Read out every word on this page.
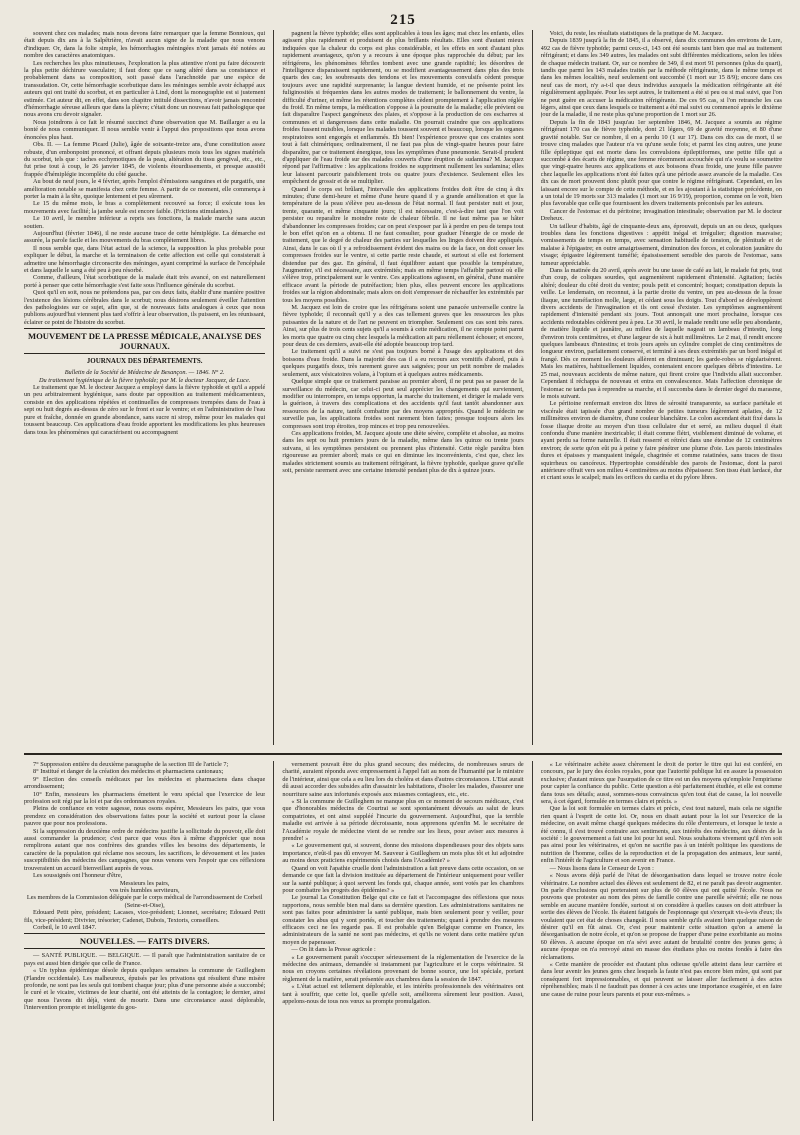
215

souvent chez ces malades; mais nous devons faire remarquer que la femme Bonnioux, qui était depuis dix ans à la Salpêtrière, n'avait aucun signe de la maladie que nous venons d'indiquer. Or, dans la folie simple, les hémorrhagies méningées n'ont jamais été notées au nombre des caractères anatomiques.

Les recherches les plus minutieuses, l'exploration la plus attentive n'ont pu faire découvrir la plus petite déchirure vasculaire; il faut donc que ce sang altéré dans sa consistance et probablement dans sa composition, soit passé dans l'arachnoïde par une espèce de transsudation. Or, cette hémorrhagie scorbutique dans les méninges semble avoir échappé aux auteurs qui ont traité du scorbut, et en particulier à Lind, dont la monographie est si justement estimée. Cet auteur dit, en effet, dans son chapitre intitulé dissections, n'avoir jamais rencontré d'hémorrhagie séreuse ailleurs que dans la plèvre; c'était donc un nouveau fait pathologique que nous avons cru devoir signaler.

Nous joindrons à ce fait le résumé succinct d'une observation que M. Baillarger a eu la bonté de nous communiquer. Il nous semble venir à l'appui des propositions que nous avons énoncées plus haut.

Obs. II. — La femme Picard (Julie), âgée de soixante-treize ans, d'une constitution assez robuste, d'un embonpoint prononcé, et offrant depuis plusieurs mois tous les signes matériels du scorbut, tels que : taches ecchymotiques de la peau, altération du tissu gengival, etc., etc., fut prise tout à coup, le 26 janvier 1845, de violents étourdissements, et presque aussitôt frappée d'hémiplégie incomplète du côté gauche.

Au bout de neuf jours, le 4 février, après l'emploi d'émissions sanguines et de purgatifs, une amélioration notable se manifesta chez cette femme. A partir de ce moment, elle commença à porter la main à la tête, quoique lentement et peu sûrement.

Le 15 du même mois, le bras a complètement recouvré sa force; il exécute tous les mouvements avec facilité; la jambe seule est encore faible. (Frictions stimulantes.)

Le 10 avril, le membre inférieur a repris ses fonctions, la malade marche sans aucun soutien.

Aujourd'hui (février 1846), il ne reste aucune trace de cette hémiplégie. La démarche est assurée, la parole facile et les mouvements du bras complètement libres.

Il nous semble que, dans l'état actuel de la science, la supposition la plus probable pour expliquer le début, la marche et la terminaison de cette affection est celle qui consisterait à admettre une hémorrhagie circonscrite des méninges, ayant comprimé la surface de l'encéphale et dans laquelle le sang a été peu à peu résorbé.

Comme, d'ailleurs, l'état scorbutique de la malade était très avancé, on est naturellement porté à penser que cette hémorrhagie s'est faite sous l'influence générale du scorbut.

Quoi qu'il en soit, nous ne prétendons pas, par ces deux faits, établir d'une manière positive l'existence des lésions cérébrales dans le scorbut; nous désirons seulement éveiller l'attention des pathologistes sur ce sujet, afin que, si de nouveaux faits analogues à ceux que nous publions aujourd'hui viennent plus tard s'offrir à leur observation, ils puissent, en les réunissant, éclairer ce point de l'histoire du scorbut.

MOUVEMENT DE LA PRESSE MÉDICALE, ANALYSE DES JOURNAUX.
JOURNAUX DES DÉPARTEMENTS.

Bulletin de la Société de Médecine de Besançon. — 1846. N° 2.

Du traitement hygiénique de la fièvre typhoïde; par M. le docteur Jacquez, de Luce.

Le traitement que M. le docteur Jacquez a employé dans la fièvre typhoïde et qu'il a appelé un peu arbitrairement hygiénique, sans doute par opposition au traitement médicamenteux, consiste en des applications répétées et continuelles de compresses trempées dans de l'eau à sept ou huit degrés au-dessus de zéro sur le front et sur le ventre; et en l'administration de l'eau pure et fraîche, donnée en grande abondance, sans sucre ni sirop, même pour les malades qui toussent beaucoup. Ces applications d'eau froide apportent les modifications les plus heureuses dans tous les phénomènes qui caractérisent ou accompagnent

pagnent la fièvre typhoïde; elles sont applicables à tous les âges; mai chez les enfants, elles agissent plus rapidement et produisent de plus brillants résultats. Elles sont d'autant mieux indiquées que la chaleur du corps est plus considérable, et les effets en sont d'autant plus rapidement avantageux, qu'on y a recours à une époque plus rapprochée du début; par les réfrigérens, les phénomènes fébriles tombent avec une grande rapidité; les désordres de l'intelligence disparaissent rapidement, ou se modifient avantageusement dans plus des trois quarts des cas; les soubresauts des tendons et les mouvements convulsifs cèdent presque toujours avec une rapidité surprenante; la langue devient humide, et ne présente point les fuliginosités si fréquentes dans les autres modes de traitement; le ballonnement du ventre, la difficulté d'uriner, et même les rétentions complètes cèdent promptement à l'application réglée du froid. En même temps, la médication s'oppose à la poursuite de la maladie; elle prévient ou fait disparaître l'aspect gangréneux des plaies, et s'oppose à la production de ces escharres si communes et si dangereuses dans cette maladie. On pourrait craindre que ces applications froides fussent nuisibles, lorsque les malades toussent souvent et beaucoup, lorsque les organes respiratoires sont engorgés et enflammés. Eh bien! l'expérience prouve que ces craintes sont tout à fait chimériques; ordinairement, il ne faut pas plus de vingt-quatre heures pour faire disparaître, par ce traitement énergique, tous les symptômes d'une pneumonie. Serait-il prudent d'appliquer de l'eau froide sur des malades couverts d'une éruption de sudamina? M. Jacquez répond par l'affirmative : les applications froides ne suppriment nullement les sudamina; elles leur laissent parcourir paisiblement trois ou quatre jours d'existence. Seulement elles les empêchent de grossir et de se multiplier.

Quand le corps est brûlant, l'intervalle des applications froides doit être de cinq à dix minutes; d'une demi-heure et même d'une heure quand il y a grande amélioration et que la température de la peau s'élève peu au-dessus de l'état normal. Il faut persister nuit et jour, trente, quarante, et même cinquante jours; il est nécessaire, c'est-à-dire tant que l'on voit persister ou reparaître le moindre reste de chaleur fébrile. Il ne faut même pas se hâter d'abandonner les compresses froides; car on peut s'exposer par là à perdre en peu de temps tout le bon effet qu'on en a obtenu. Il ne faut consulter, pour graduer l'énergie de ce mode de traitement, que le degré de chaleur des parties sur lesquelles les linges doivent être appliqués. Ainsi, dans le cas où il y a refroidissement évident des mains ou de la face, on doit cesser les compresses froides sur le ventre, si cette partie reste chaude, et surtout si elle est fortement distendue par des gaz. En général, il faut équilibrer autant que possible la température, l'augmenter, s'il est nécessaire, aux extrémités; mais en même temps l'affaiblir partout où elle s'élève trop, principalement sur le ventre. Ces applications agissent, en général, d'une manière efficace avant la période de putréfaction; bien plus, elles peuvent encore les applications froides sur la région abdominale; mais alors on doit s'empresser de réchauffer les extrémités par tous les moyens possibles.

M. Jacquez est loin de croire que les réfrigérans soient une panacée universelle contre la fièvre typhoïde; il reconnaît qu'il y a des cas tellement graves que les ressources les plus puissantes de la nature et de l'art ne peuvent en triompher. Seulement ces cas sont très rares. Ainsi, sur plus de trois cents sujets qu'il a soumis à cette médication, il ne compte point parmi les morts que quatre ou cinq chez lesquels la médication ait paru réellement échouer; et encore, pour deux de ces derniers, avait-elle été adoptée beaucoup trop tard.

Le traitement qu'il a suivi ne s'est pas toujours borné à l'usage des applications et des boissons d'eau froide. Dans la majorité des cas il a eu recours aux vomitifs d'abord, puis à quelques purgatifs doux, très rarement grave aux saignées; pour un petit nombre de malades seulement, aux vésicatoires volans, à l'opium et à quelques autres médicaments.

Quelque simple que ce traitement paraisse au premier abord, il ne peut pas se passer de la surveillance du médecin, car celui-ci peut seul apprécier les changements qui surviennent, modifier ou interrompre, en temps opportun, la marche du traitement, et diriger le malade vers la guérison, à travers des complications et des accidents qu'il faut tantôt abandonner aux ressources de la nature, tantôt combattre par des moyens appropriés. Quand le médecin ne surveille pas, les applications froides sont rarement bien faites; presque toujours alors les compresses sont trop étroites, trop minces et trop peu renouvelées.

Ces applications froides, M. Jacquez ajoute une diète sévère, complète et absolue, au moins dans les sept ou huit premiers jours de la maladie, même dans les quinze ou trente jours suivans, si les symptômes persistent ou prennent plus d'intensité. Cette règle paraîtra bien rigoureuse au premier abord; mais ce qui en diminue les inconvénients, c'est que, chez les malades strictement soumis au traitement réfrigérant, la fièvre typhoïde, quelque grave qu'elle soit, persiste rarement avec une certaine intensité pendant plus de dix à quinze jours.

Voici, du reste, les résultats statistiques de la pratique de M. Jacquez.

Depuis 1839 jusqu'à la fin de 1845, il a observé, dans dix communes des environs de Lure, 492 cas de fièvre typhoïde; parmi ceux-ci, 143 ont été soumis tant bien que mal au traitement réfrigérant; et dans les 349 autres, les malades ont subi différentes médications, selon les idées de chaque médecin traitant. Or, sur ce nombre de 349, il est mort 91 personnes (plus du quart), tandis que parmi les 143 malades traités par la méthode réfrigérante, dans le même temps et dans les mêmes localités, neuf seulement ont succombé (1 mort sur 15 8/9); encore dans ces neuf cas de mort, n'y a-t-il que deux individus auxquels la médication réfrigérante ait été régulièrement appliquée. Pour les sept autres, le traitement a été si peu ou si mal suivi, que l'on ne peut guère en accuser la médication réfrigérante. De ces 95 cas, si l'on retranche les cas légers, ainsi que ceux dans lesquels ce traitement a été mal suivi ou commencé après le dixième jour de la maladie, il ne reste plus qu'une proportion de 1 mort sur 26.

Depuis la fin de 1843 jusqu'au 1er septembre 1846, M. Jacquez a soumis au régime réfrigérant 170 cas de fièvre typhoïde, dont 21 légers, 69 de gravité moyenne, et 80 d'une gravité notable. Sur ce nombre, il en a perdu 10 (1 sur 17). Dans ces dix cas de mort, il se trouve cinq malades que l'auteur n'a vu qu'une seule fois; et parmi les cinq autres, une jeune fille épileptique qui est morte dans les convulsions épileptiformes, une petite fille qui a succombé à des écarts de régime, une femme récemment accouchée qui n'a voulu se soumettre que vingt-quatre heures aux applications et aux boissons d'eau froide, une jeune fille pauvre chez laquelle les applications n'ont été faites qu'à une période assez avancée de la maladie. Ces dix cas de mort prouvent donc plutôt pour que contre le régime réfrigérant. Cependant, en les laissant encore sur le compte de cette méthode, et en les ajoutant à la statistique précédente, on a un total de 19 morts sur 313 malades (1 mort sur 16 9/19), proportion, comme on le voit, bien plus favorable que celle que fournissent les divers traitements préconisés par les auteurs.

Cancer de l'estomac et du péritoine; invagination intestinale; observation par M. le docteur Dreheux.

Un tailleur d'habits, âgé de cinquante-deux ans, éprouvait, depuis un an ou deux, quelques troubles dans les fonctions digestives : appétit inégal et irrégulier; digestion mauvaise; vomissements de temps en temps, avec sensation habituelle de tension, de plénitude et de malaise à l'épigastre; en outre amaigrissement, diminution des forces, et coloration jaunâtre du visage; épigastre légèrement tuméfié; épaississement sensible des parois de l'estomac, sans tumeur appréciable.

Dans la matinée du 20 avril, après avoir bu une tasse de café au lait, le malade fut pris, tout d'un coup, de coliques sourdes, qui augmentèrent rapidement d'intensité. Agitation; faciès altéré; douleur du côté droit du ventre; pouls petit et concentré; hoquet; constipation depuis la veille. Le lendemain, on reconnut, à la partie droite du ventre, un peu au-dessus de la fosse iliaque, une tuméfaction molle, large, et cédant sous les doigts. Tout d'abord se développèrent divers accidents de l'invagination et ils ont cessé d'exister. Les symptômes augmentèrent rapidement d'intensité pendant six jours. Tout annonçait une mort prochaine, lorsque ces accidents redoutables cédèrent peu à peu. Le 30 avril, le malade rendit une selle peu abondante, de matière liquide et jaunâtre, au milieu de laquelle nageait un lambeau d'intestin, long d'environ trois centimètres, et d'une largeur de six à huit millimètres. Le 2 mai, il rendit encore quelques lambeaux d'intestins; et trois jours après un cylindre complet de cinq centimètres de longueur environ, parfaitement conservé, et terminé à ses deux extrémités par un bord inégal et frangé. Dès ce moment les douleurs allèrent en diminuant; les garde-robes se régularisèrent. Mais les matières, habituellement liquides, contenaient encore quelques débris d'intestins. Le 25 mai, nouveaux accidents de même nature, qui firent croire que l'individu allait succomber. Cependant il réchappa de nouveau et entra en convalescence. Mais l'affection chronique de l'estomac ne tarda pas à reprendre sa marche, et il succomba dans le dernier degré du marasme, le mois suivant.

Le péritoine renfermait environ dix litres de sérosité transparente, sa surface pariétale et viscérale était tapissée d'un grand nombre de petites tumeurs légèrement aplaties, de 12 millimètres environ de diamètre, d'une couleur blanchâtre. Le colon ascendant était fixé dans la fosse iliaque droite au moyen d'un tissu cellulaire dur et serré, au milieu duquel il était confondu d'une manière inextricable; il était comme flétri, visiblement diminué de volume, et ayant perdu sa forme naturelle. Il était resserré et rétréci dans une étendue de 12 centimètres environ; de sorte qu'on eût pu à peine y faire pénétrer une plume d'oie. Les parois intestinales dures et épaisses y manquaient inégale, chagrinée et comme ratatinées, sans traces de tissu squirrheux ou cancéreux. Hypertrophie considérable des parois de l'estomac, dont la paroi antérieure offrait vers son milieu 4 centimètres au moins d'épaisseur. Son tissu était lardacé, dur et criant sous le scalpel; mais les orifices du cardia et du pylore libres.

7° Suppression entière du deuxième paragraphe de la section III de l'article 7;

8° Institué et danger de la création des médecins et pharmaciens cantonaux;

9° Election des conseils médicaux par les médecins et pharmaciens dans chaque arrondissement;

10° Enfin, messieurs les pharmaciens émettent le vœu spécial que l'exercice de leur profession soit régi par la loi et par des ordonnances royales.

Pleins de confiance en votre sagesse, nous osons espérer, Messieurs les pairs, que vous prendrez en considération des observations faites pour la société et surtout pour la classe pauvre que pour nos professions.

Si la suppression du deuxième ordre de médecins justifie la sollicitude du pouvoir, elle doit aussi commander la prudence; c'est parce que vous êtes à même d'apprécier que nous remplirons autant que nos confrères des grandes villes les besoins des départements, le caractère de la population qui réclame nos secours, les sacrifices, le dévouement et les justes susceptibilités des médecins des campagnes, que nous venons vers l'espoir que ces réflexions trouveraient un accueil bienveillant auprès de vous.

Les soussignés ont l'honneur d'être,

Messieurs les pairs,

vos très humbles serviteurs,

Les membres de la Commission déléguée par le corps médical de l'arrondissement de Corbeil (Seine-et-Oise),

Edouard Petit père, président; Lacases, vice-président; Lionnet, secrétaire; Edouard Petit fils, vice-président; Divivier, trésorier; Cadenet, Dubois, Textoris, conseillers.

Corbeil, le 10 avril 1847.

NOUVELLES. — FAITS DIVERS.

— SANTÉ PUBLIQUE. — BELGIQUE. — Il paraît que l'administration sanitaire de ce pays est aussi bien dirigée que celle de France.

« Un typhus épidémique désole depuis quelques semaines la commune de Guilleghem (Flandre occidentale). Les malheureux, épuisés par les privations qui résultent d'une misère profonde, ne sont pas les seuls qui tombent chaque jour; plus d'une personne aisée a succombé; le curé et le vicaire, victimes de leur charité, ont été atteints de la contagion; le dernier, ainsi que nous l'avons dit déjà, vient de mourir. Dans une circonstance aussi déplorable, l'intervention prompte et intelligente du gou-

vernement pouvait être du plus grand secours; des médecins, de nombreuses sœurs de charité, auraient répondu avec empressement à l'appel fait au nom de l'humanité par le ministre de l'intérieur, ainsi que cela a eu lieu lors du choléra et dans d'autres circonstances. L'Etat aurait dû aussi accorder des subsides afin d'assainir les habitations, d'isoler les malades, d'assurer une nourriture saine aux infortunés exposés aux miasmes contagieux, etc., etc.

« Si la commune de Guilleghem ne manque plus en ce moment de secours médicaux, c'est que d'honorables médecins de Courtrai se sont spontanément dévoués au salut de leurs compatriotes, et ont ainsi suppléé l'incurie du gouvernement. Aujourd'hui, que la terrible maladie est arrivée à sa période décroissante, nous apprenons qu'enfin M. le secrétaire de l'Académie royale de médecine vient de se rendre sur les lieux, pour aviser aux mesures à prendre! »

« Le gouvernement qui, si souvent, donne des missions dispendieuses pour des objets sans importance, n'eût-il pas dû envoyer M. Sauveur à Guilleghem un mois plus tôt et lui adjoindre au moins deux praticiens expérimentés choisis dans l'Académie? »

Quand on voit l'apathie cruelle dont l'administration a fait preuve dans cette occasion, on se demande ce que fait la division instituée au département de l'intérieur uniquement pour veiller sur la santé publique; à quoi servent les fonds qui, chaque année, sont votés par les chambres pour combattre les progrès des épidémies? »

Le journal La Constitution Belge qui cite ce fait et l'accompagne des réflexions que nous rapportons, nous semble bien mal dans sa dernière question. Les administrations sanitaires ne sont pas faites pour administrer la santé publique, mais bien seulement pour y veiller, pour constater les abus qui y sont portés, et toucher des traitements; quant à prendre des mesures efficaces ceci ne les regarde pas. Il est probable qu'en Belgique comme en France, les administrateurs de la santé ne sont pas médecins, et qu'ils ne voient dans cette matière qu'un moyen de paperasser.

— On lit dans la Presse agricole :

« Le gouvernement paraît s'occuper sérieusement de la réglementation de l'exercice de la médecine des animaux, demandée si instamment par l'agriculture et le corps vétérinaire. Si nous en croyons certaines révélations provenant de bonne source, une loi spéciale, portant règlement de la matière, serait présentée aux chambres dans la session de 1847.

« L'état actuel est tellement déplorable, et les intérêts professionnels des vétérinaires ont tant à souffrir, que cette loi, quelle qu'elle soit, améliorera sûrement leur position. Aussi, appelons-nous de tous nos vœux sa prompte promulgation.

« Le vétérinaire achète assez chèrement le droit de porter le titre qui lui est conféré, en concours, par le jury des écoles royales, pour que l'autorité publique lui en assure la possession exclusive; d'autant mieux que l'usurpation de ce titre est un des moyens qu'emploie l'empirisme pour capter la confiance du public. Cette question a été parfaitement étudiée, et elle est comme dans tous ses détails; aussi, sommes-nous convaincus qu'en tout état de cause, la loi nouvelle sera, à cet égard, formulée en termes clairs et précis. »

Que la loi soit formulée en termes clairs et précis, c'est tout naturel, mais cela ne signifie rien quant à l'esprit de cette loi. Or, nous en disait autant pour la loi sur l'exercice de la médecine, on avait même chargé quelques médecins du rôle d'enterreurs, et lorsque le texte a été connu, il s'est trouvé contraire aux sentiments, aux intérêts des médecins, aux désirs de la société : le gouvernement a fait une loi pour lui seul. Nous souhaitons vivement qu'il n'en soit pas ainsi pour les vétérinaires, et qu'on ne sacrifie pas à un intérêt politique les questions de nutrition de l'homme, celles de la reproduction et de la propagation des animaux, leur santé, enfin l'intérêt de l'agriculture et son avenir en France.

— Nous lisons dans le Censeur de Lyon :

« Nous avons déjà parlé de l'état de désorganisation dans lequel se trouve notre école vétérinaire. Le nombre actuel des élèves est seulement de 82, et ne paraît pas devoir augmenter. On parle d'exclusions qui porteraient sur plus de 60 élèves qui ont quitté l'école. Nous ne pouvons que protester au nom des pères de famille contre une pareille sévérité; elle ne nous semble en aucune manière fondée, surtout si on considère à quelles causes on doit attribuer la sortie des élèves de l'école. Ils étaient fatigués de l'espionnage qui s'exerçait vis-à-vis d'eux; ils voulaient que cet état de choses changeât. Il nous semble qu'ils avaient bien quelque raison de désirer qu'il en fût ainsi. Or, c'est pour maintenir cette situation qu'on a amené la désorganisation de notre école, et qu'on se propose de frapper d'une peine exorbitante au moins 60 élèves. A aucune époque on n'a sévi avec autant de brutalité contre des jeunes gens; à aucune époque on n'a renvoyé ainsi en masse des étudians plus ou moins fondés à faire des réclamations.

« Cette manière de procéder est d'autant plus odieuse qu'elle atteint dans leur carrière et dans leur avenir les jeunes gens chez lesquels la faute n'est pas encore bien mûre, qui sont par conséquent fort impressionnables, et qui peuvent se laisser aller facilement à des actes répréhensibles; mais il ne faudrait pas donner à ces actes une importance exagérée, et en faire une cause de ruine pour leurs parents et pour eux-mêmes. »
